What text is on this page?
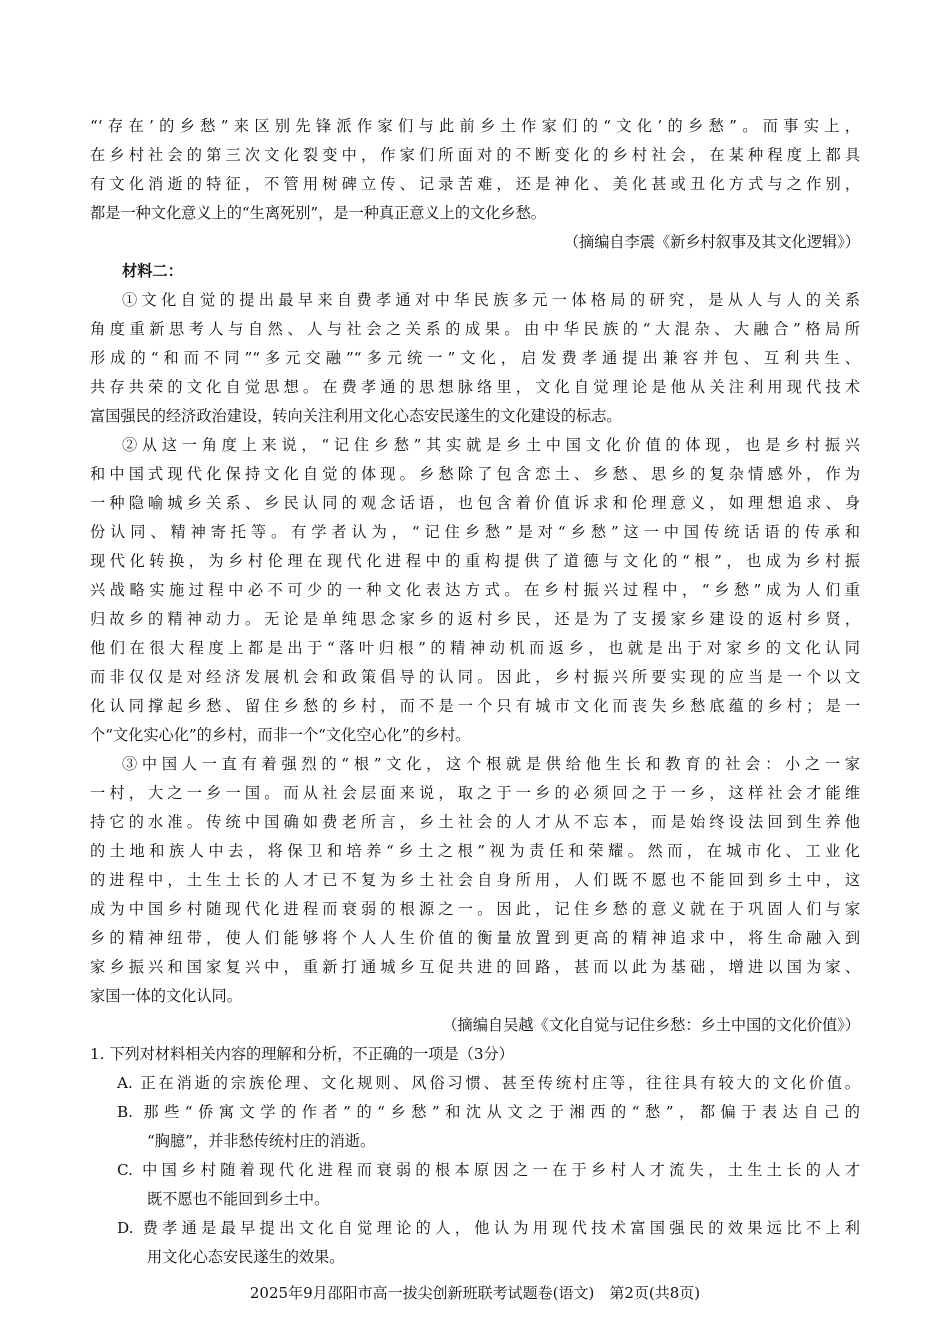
“‘存在’的乡愁”来区别先锋派作家们与此前乡土作家们的“文化’的乡愁”。而事实上，
在乡村社会的第三次文化裂变中，作家们所面对的不断变化的乡村社会，在某种程度上都具
有文化消逝的特征，不管用树碑立传、记录苦难，还是神化、美化甚或丑化方式与之作别，
都是一种文化意义上的“生离死别”，是一种真正意义上的文化乡愁。
（摘编自李震《新乡村叙事及其文化逻辑》）
材料二：
①文化自觉的提出最早来自费孝通对中华民族多元一体格局的研究，是从人与人的关系
角度重新思考人与自然、人与社会之关系的成果。由中华民族的“大混杂、大融合”格局所
形成的“和而不同”“多元交融”“多元统一”文化，启发费孝通提出兼容并包、互利共生、
共存共荣的文化自觉思想。在费孝通的思想脉络里，文化自觉理论是他从关注利用现代技术
富国强民的经济政治建设，转向关注利用文化心态安民遂生的文化建设的标志。
②从这一角度上来说，“记住乡愁”其实就是乡土中国文化价值的体现，也是乡村振兴
和中国式现代化保持文化自觉的体现。乡愁除了包含恋土、乡愁、思乡的复杂情感外，作为
一种隐喻城乡关系、乡民认同的观念话语，也包含着价值诉求和伦理意义，如理想追求、身
份认同、精神寄托等。有学者认为，“记住乡愁”是对“乡愁”这一中国传统话语的传承和
现代化转换，为乡村伦理在现代化进程中的重构提供了道德与文化的“根”，也成为乡村振
兴战略实施过程中必不可少的一种文化表达方式。在乡村振兴过程中，“乡愁”成为人们重
归故乡的精神动力。无论是单纯思念家乡的返村乡民，还是为了支援家乡建设的返村乡贤，
他们在很大程度上都是出于“落叶归根”的精神动机而返乡，也就是出于对家乡的文化认同
而非仅仅是对经济发展机会和政策倡导的认同。因此，乡村振兴所要实现的应当是一个以文
化认同撑起乡愁、留住乡愁的乡村，而不是一个只有城市文化而丧失乡愁底蕴的乡村；是一
个“文化实心化”的乡村，而非一个“文化空心化”的乡村。
③中国人一直有着强烈的“根”文化，这个根就是供给他生长和教育的社会：小之一家
一村，大之一乡一国。而从社会层面来说，取之于一乡的必须回之于一乡，这样社会才能维
持它的水准。传统中国确如费老所言，乡土社会的人才从不忘本，而是始终设法回到生养他
的土地和族人中去，将保卫和培养“乡土之根”视为责任和荣耀。然而，在城市化、工业化
的进程中，土生土长的人才已不复为乡土社会自身所用，人们既不愿也不能回到乡土中，这
成为中国乡村随现代化进程而衰弱的根源之一。因此，记住乡愁的意义就在于巩固人们与家
乡的精神纽带，使人们能够将个人人生价值的衡量放置到更高的精神追求中，将生命融入到
家乡振兴和国家复兴中，重新打通城乡互促共进的回路，甚而以此为基础，增进以国为家、
家国一体的文化认同。
（摘编自吴越《文化自觉与记住乡愁：乡土中国的文化价值》）
1. 下列对材料相关内容的理解和分析，不正确的一项是（3分）
A. 正在消逝的宗族伦理、文化规则、风俗习惯、甚至传统村庄等，往往具有较大的文化价值。
B. 那些“侨寓文学的作者”的“乡愁”和沈从文之于湘西的“愁”，都偏于表达自己的
“胸臆”，并非愁传统村庄的消逝。
C. 中国乡村随着现代化进程而衰弱的根本原因之一在于乡村人才流失，土生土长的人才
既不愿也不能回到乡土中。
D. 费孝通是最早提出文化自觉理论的人，他认为用现代技术富国强民的效果远比不上利
用文化心态安民遂生的效果。
2025年9月邵阳市高一拔尖创新班联考试题卷(语文)　第2页(共8页)
